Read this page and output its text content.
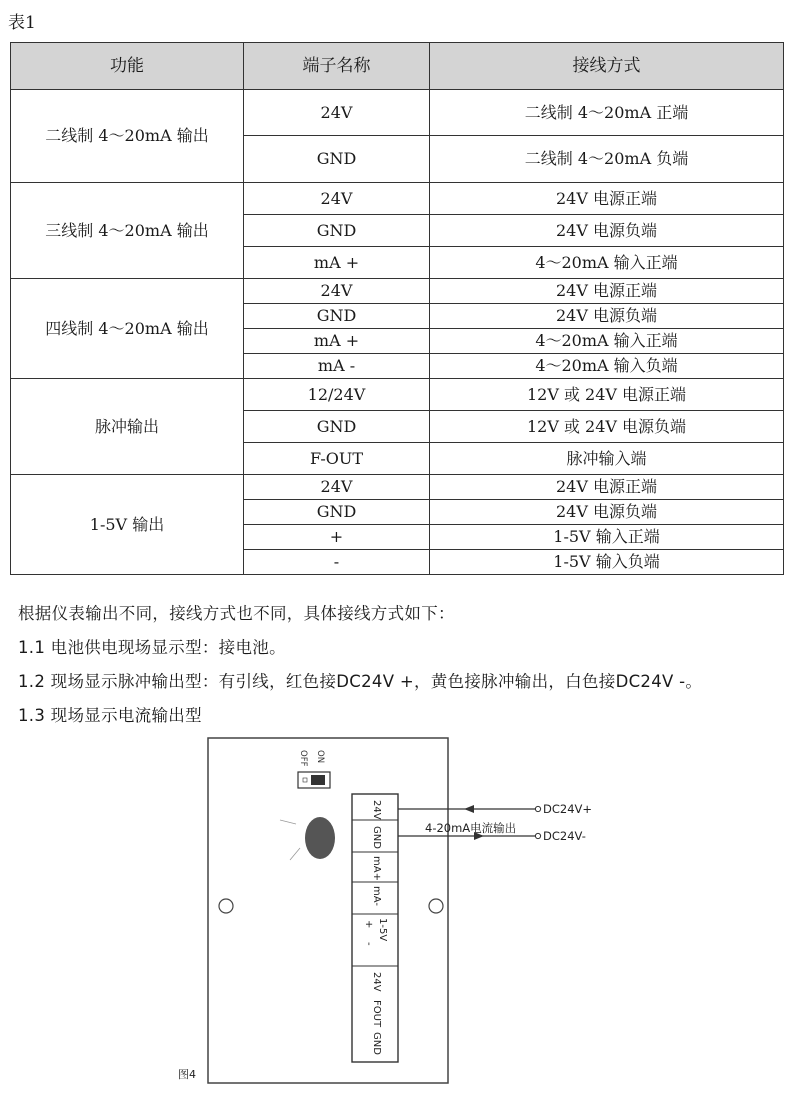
表1
功能	端子名称	接线方式
二线制 4～20mA 输出	24V	二线制 4～20mA 正端
	GND	二线制 4～20mA 负端
三线制 4～20mA 输出	24V	24V 电源正端
	GND	24V 电源负端
	mA +	4～20mA 输入正端
四线制 4～20mA 输出	24V	24V 电源正端
	GND	24V 电源负端
	mA +	4～20mA 输入正端
	mA -	4～20mA 输入负端
脉冲输出	12/24V	12V 或 24V 电源正端
	GND	12V 或 24V 电源负端
	F-OUT	脉冲输入端
1-5V 输出	24V	24V 电源正端
	GND	24V 电源负端
	+	1-5V 输入正端
	-	1-5V 输入负端
根据仪表输出不同，接线方式也不同，具体接线方式如下：
1.1 电池供电现场显示型：接电池。
1.2 现场显示脉冲输出型：有引线，红色接DC24V +，黄色接脉冲输出，白色接DC24V -。
1.3 现场显示电流输出型
OFF ON
24V
GND
mA+
mA-
1-5V
+
-
24V
FOUT
GND
4-20mA电流输出
DC24V+
DC24V-
图4
